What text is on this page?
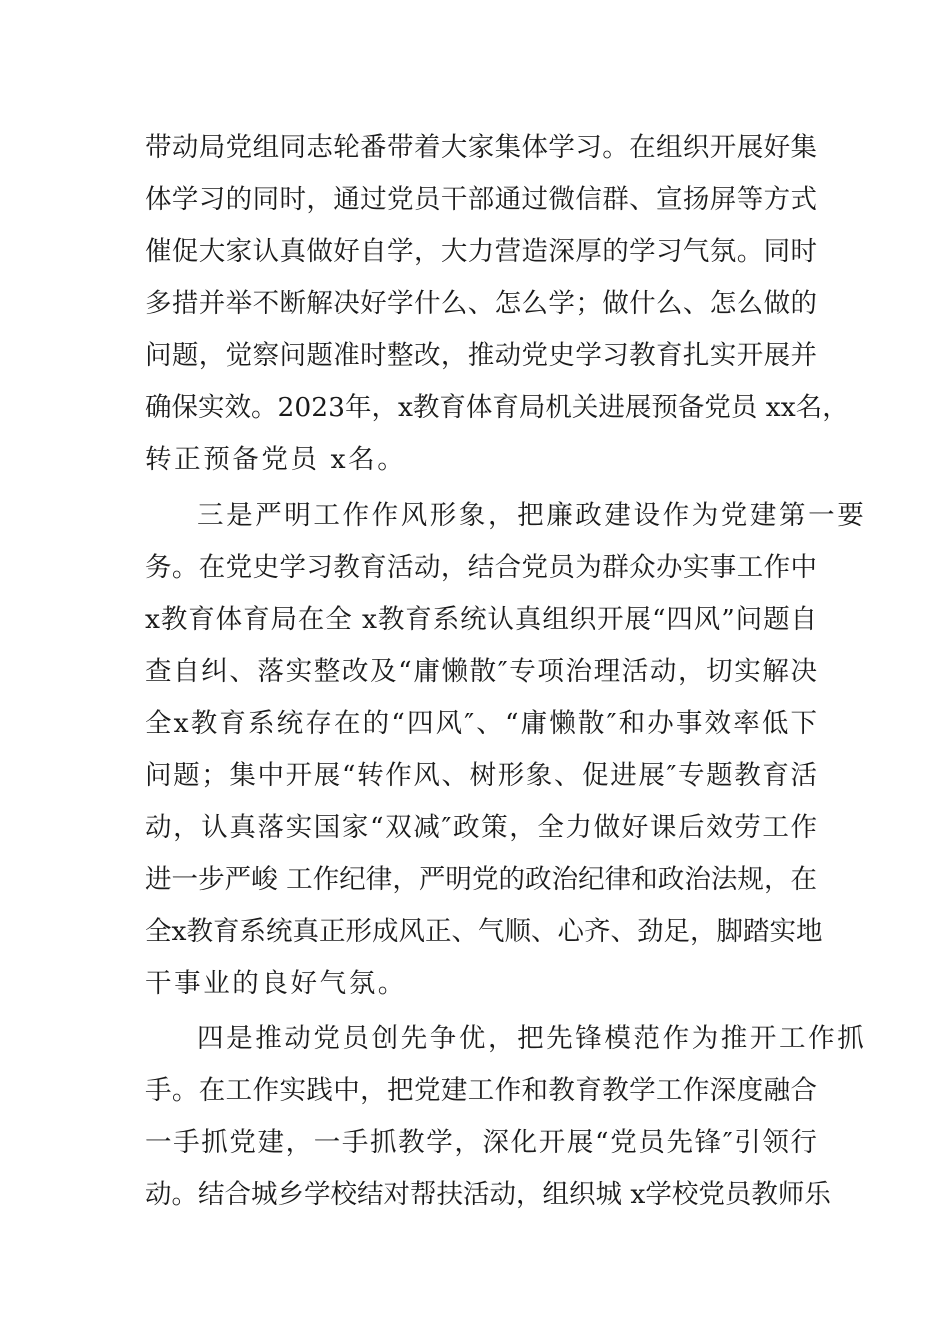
带动局党组同志轮番带着大家集体学习。在组织开展好集
体学习的同时，通过党员干部通过微信群、宣扬屏等方式
催促大家认真做好自学，大力营造深厚的学习气氛。同时
多措并举不断解决好学什么、怎么学；做什么、怎么做的
问题，觉察问题准时整改，推动党史学习教育扎实开展并
确保实效。2023年，x教育体育局机关进展预备党员 xx名，
转正预备党员 x名。
三是严明工作作风形象，把廉政建设作为党建第一要
务。在党史学习教育活动，结合党员为群众办实事工作中
x教育体育局在全 x教育系统认真组织开展“四风”问题自
查自纠、落实整改及“庸懒散″专项治理活动，切实解决
全x教育系统存在的“四风″、“庸懒散″和办事效率低下
问题；集中开展“转作风、树形象、促进展″专题教育活
动，认真落实国家“双减″政策，全力做好课后效劳工作
进一步严峻 工作纪律，严明党的政治纪律和政治法规，在
全x教育系统真正形成风正、气顺、心齐、劲足，脚踏实地
干事业的良好气氛。
四是推动党员创先争优，把先锋模范作为推开工作抓
手。在工作实践中，把党建工作和教育教学工作深度融合
一手抓党建，一手抓教学，深化开展“党员先锋″引领行
动。结合城乡学校结对帮扶活动，组织城 x学校党员教师乐
